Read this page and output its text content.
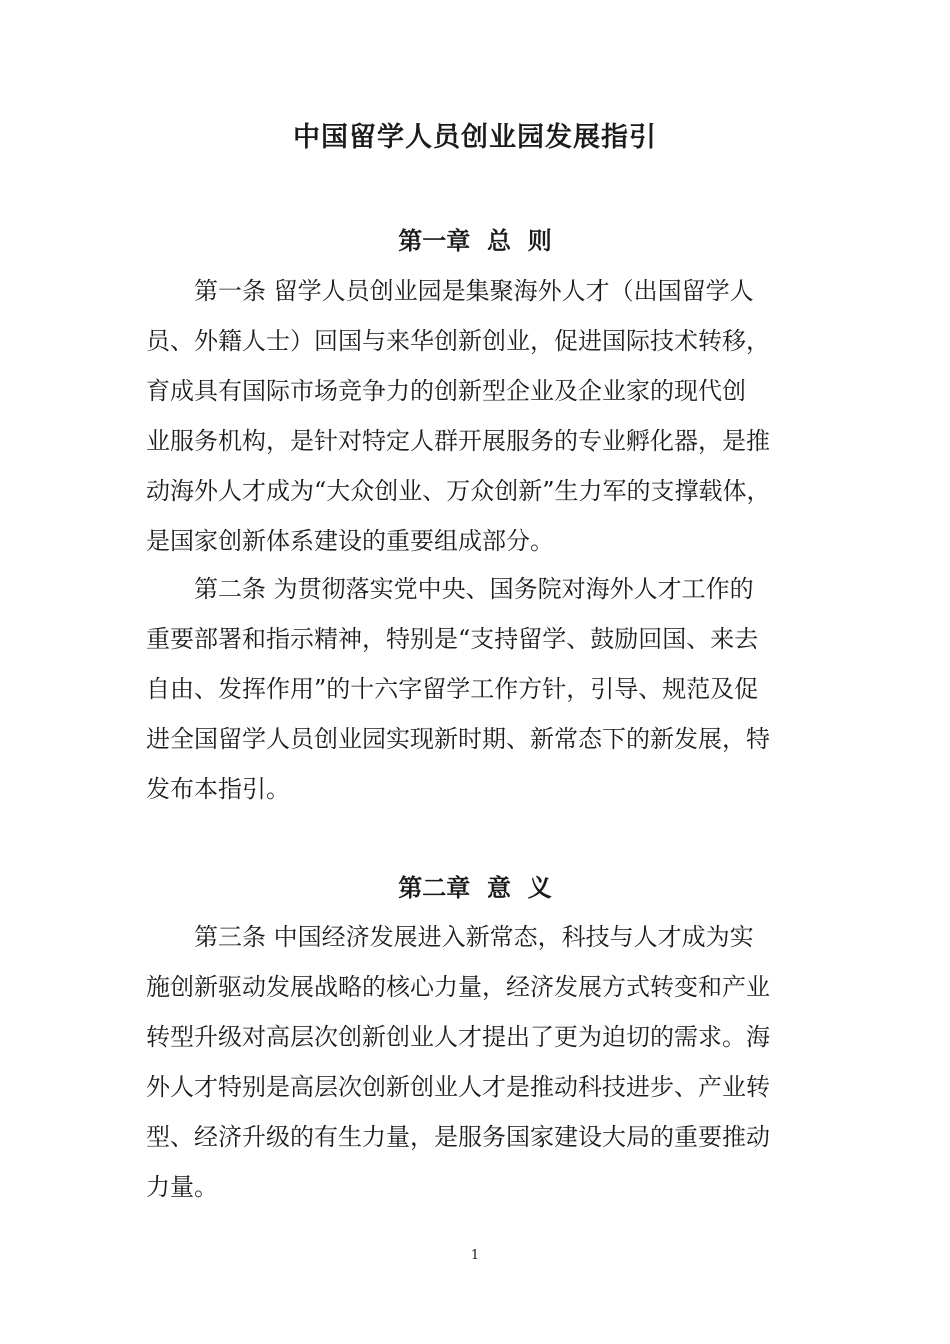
中国留学人员创业园发展指引
第一章  总  则
第一条 留学人员创业园是集聚海外人才（出国留学人
员、外籍人士）回国与来华创新创业，促进国际技术转移，
育成具有国际市场竞争力的创新型企业及企业家的现代创
业服务机构，是针对特定人群开展服务的专业孵化器，是推
动海外人才成为“大众创业、万众创新”生力军的支撑载体，
是国家创新体系建设的重要组成部分。
第二条 为贯彻落实党中央、国务院对海外人才工作的
重要部署和指示精神，特别是“支持留学、鼓励回国、来去
自由、发挥作用”的十六字留学工作方针，引导、规范及促
进全国留学人员创业园实现新时期、新常态下的新发展，特
发布本指引。
第二章  意  义
第三条 中国经济发展进入新常态，科技与人才成为实
施创新驱动发展战略的核心力量，经济发展方式转变和产业
转型升级对高层次创新创业人才提出了更为迫切的需求。海
外人才特别是高层次创新创业人才是推动科技进步、产业转
型、经济升级的有生力量，是服务国家建设大局的重要推动
力量。
1
